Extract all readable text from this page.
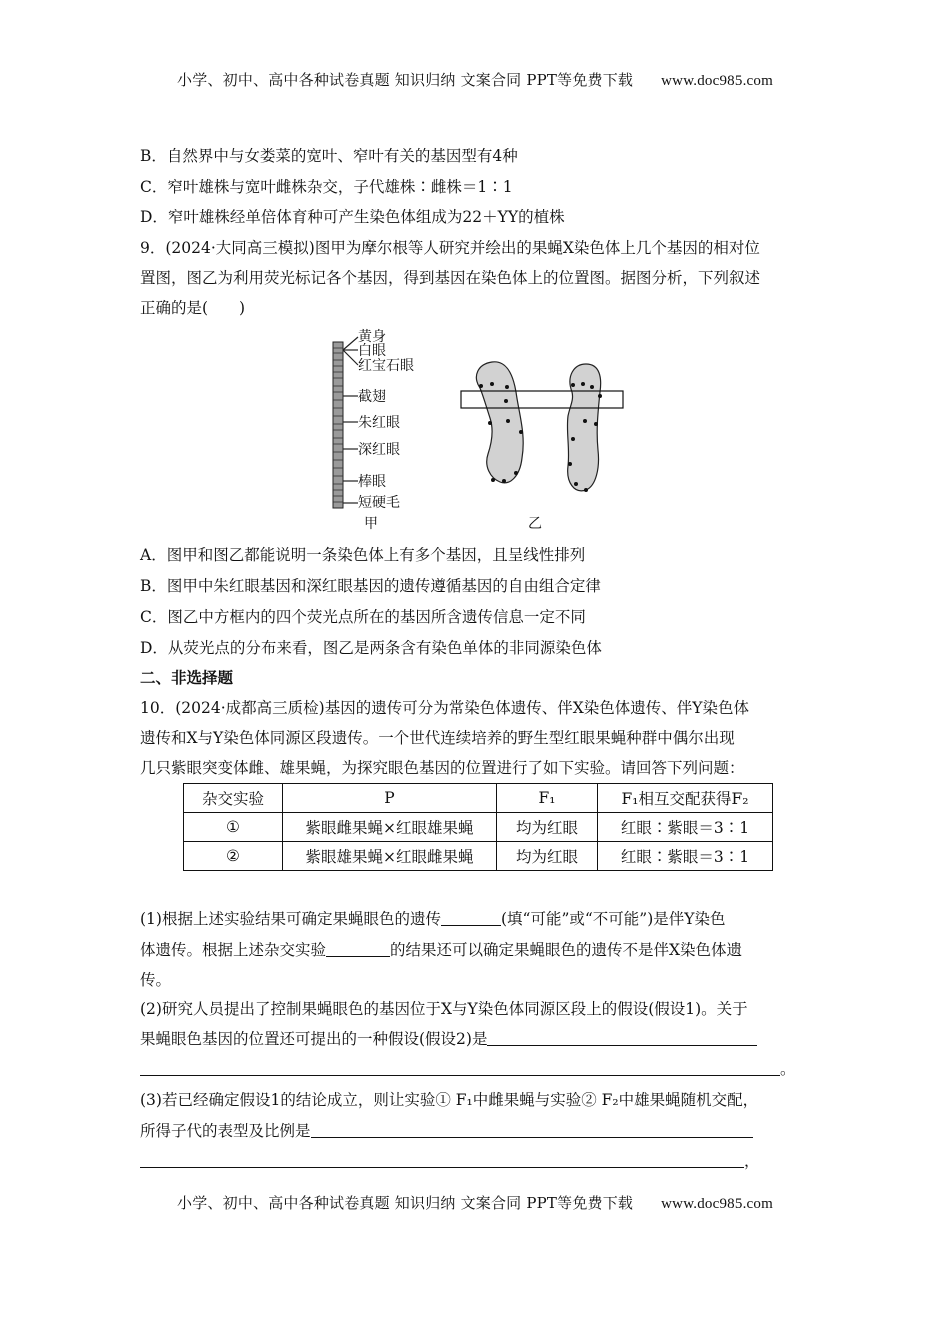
小学、初中、高中各种试卷真题 知识归纳 文案合同 PPT等免费下载 www.doc985.com
B．自然界中与女娄菜的宽叶、窄叶有关的基因型有4种
C．窄叶雄株与宽叶雌株杂交，子代雄株∶雌株＝1∶1
D．窄叶雄株经单倍体育种可产生染色体组成为22＋YY的植株
9．(2024·大同高三模拟)图甲为摩尔根等人研究并绘出的果蝇X染色体上几个基因的相对位
置图，图乙为利用荧光标记各个基因，得到基因在染色体上的位置图。据图分析，下列叙述
正确的是(　　)
黄身
白眼
红宝石眼
截翅
朱红眼
深红眼
棒眼
短硬毛
甲	乙
A．图甲和图乙都能说明一条染色体上有多个基因，且呈线性排列
B．图甲中朱红眼基因和深红眼基因的遗传遵循基因的自由组合定律
C．图乙中方框内的四个荧光点所在的基因所含遗传信息一定不同
D．从荧光点的分布来看，图乙是两条含有染色单体的非同源染色体
二、非选择题
10．(2024·成都高三质检)基因的遗传可分为常染色体遗传、伴X染色体遗传、伴Y染色体
遗传和X与Y染色体同源区段遗传。一个世代连续培养的野生型红眼果蝇种群中偶尔出现
几只紫眼突变体雌、雄果蝇，为探究眼色基因的位置进行了如下实验。请回答下列问题：
杂交实验	P	F₁	F₁相互交配获得F₂
①	紫眼雌果蝇×红眼雄果蝇	均为红眼	红眼∶紫眼＝3∶1
②	紫眼雄果蝇×红眼雌果蝇	均为红眼	红眼∶紫眼＝3∶1
(1)根据上述实验结果可确定果蝇眼色的遗传	(填“可能”或“不可能”)是伴Y染色
体遗传。根据上述杂交实验	的结果还可以确定果蝇眼色的遗传不是伴X染色体遗
传。
(2)研究人员提出了控制果蝇眼色的基因位于X与Y染色体同源区段上的假设(假设1)。关于
果蝇眼色基因的位置还可提出的一种假设(假设2)是
。
(3)若已经确定假设1的结论成立，则让实验① F₁中雌果蝇与实验② F₂中雄果蝇随机交配，
所得子代的表型及比例是
，
小学、初中、高中各种试卷真题 知识归纳 文案合同 PPT等免费下载 www.doc985.com
